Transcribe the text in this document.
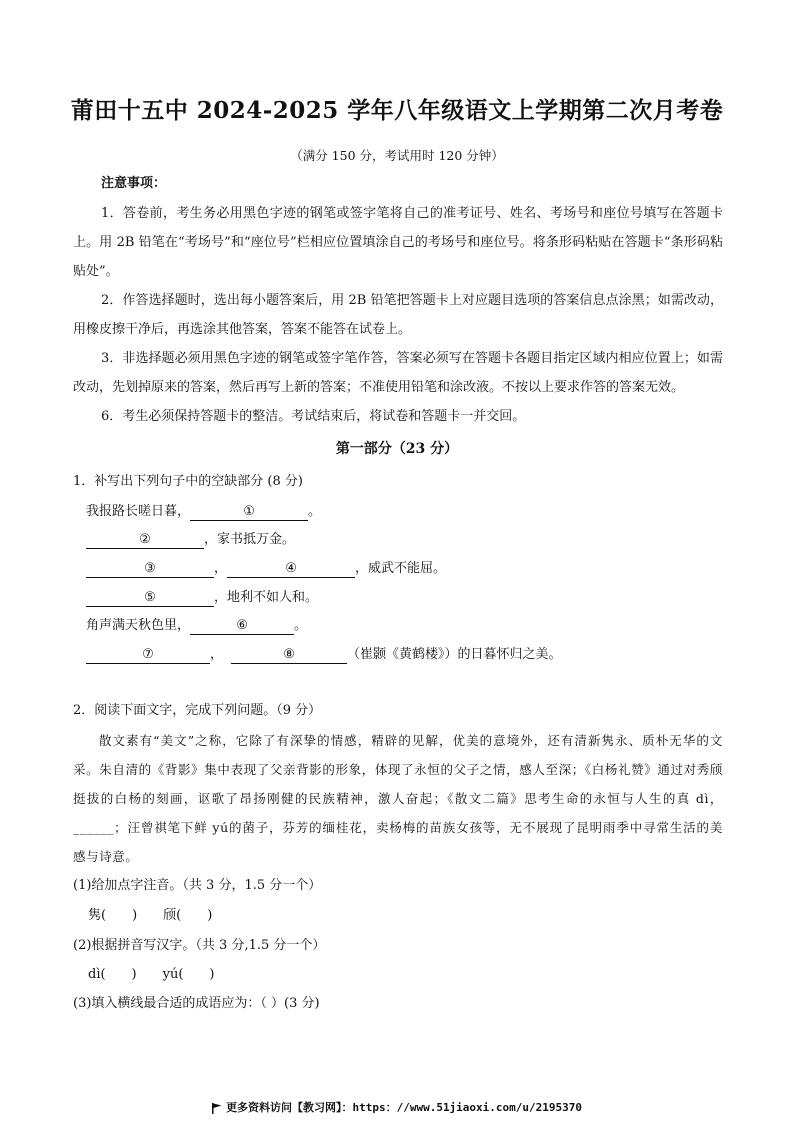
莆田十五中 2024-2025 学年八年级语文上学期第二次月考卷
（满分 150 分，考试用时 120 分钟）
注意事项：

1．答卷前，考生务必用黑色字迹的钢笔或签字笔将自己的准考证号、姓名、考场号和座位号填写在答题卡上。用 2B 铅笔在“考场号”和“座位号”栏相应位置填涂自己的考场号和座位号。将条形码粘贴在答题卡“条形码粘贴处”。

2．作答选择题时，选出每小题答案后，用 2B 铅笔把答题卡上对应题目选项的答案信息点涂黑；如需改动，用橡皮擦干净后，再选涂其他答案，答案不能答在试卷上。

3．非选择题必须用黑色字迹的钢笔或签字笔作答，答案必须写在答题卡各题目指定区域内相应位置上；如需改动，先划掉原来的答案，然后再写上新的答案；不准使用铅笔和涂改液。不按以上要求作答的答案无效。

6．考生必须保持答题卡的整洁。考试结束后，将试卷和答题卡一并交回。

第一部分（23 分）
1．补写出下列句子中的空缺部分 (8 分)
我报路长嗟日暮，	①	。
②	，家书抵万金。
③	，	④	，威武不能屈。
⑤	，地利不如人和。
角声满天秋色里，	⑥	。
⑦	，	⑧	（崔颢《黄鹤楼》）的日暮怀归之美。
2．阅读下面文字，完成下列问题。（9 分）

散文素有“美文”之称，它除了有深挚的情感，精辟的见解，优美的意境外，还有清新隽永、质朴无华的文采。朱自清的《背影》集中表现了父亲背影的形象，体现了永恒的父子之情，感人至深；《白杨礼赞》通过对秀颀挺拔的白杨的刻画，讴歌了昂扬刚健的民族精神，激人奋起；《散文二篇》思考生命的永恒与人生的真 dì，______；汪曾祺笔下鲜 yú的菌子，芬芳的缅桂花，卖杨梅的苗族女孩等，无不展现了昆明雨季中寻常生活的美感与诗意。

(1)给加点字注音。（共 3 分，1.5 分一个）
隽(　　)　　颀(　　)
(2)根据拼音写汉字。（共 3 分,1.5 分一个）
dì(　　)　　yú(　　)
(3)填入横线最合适的成语应为：（ ）(3 分)
更多资料访问【教习网】：https：//www.51jiaoxi.com/u/2195370
